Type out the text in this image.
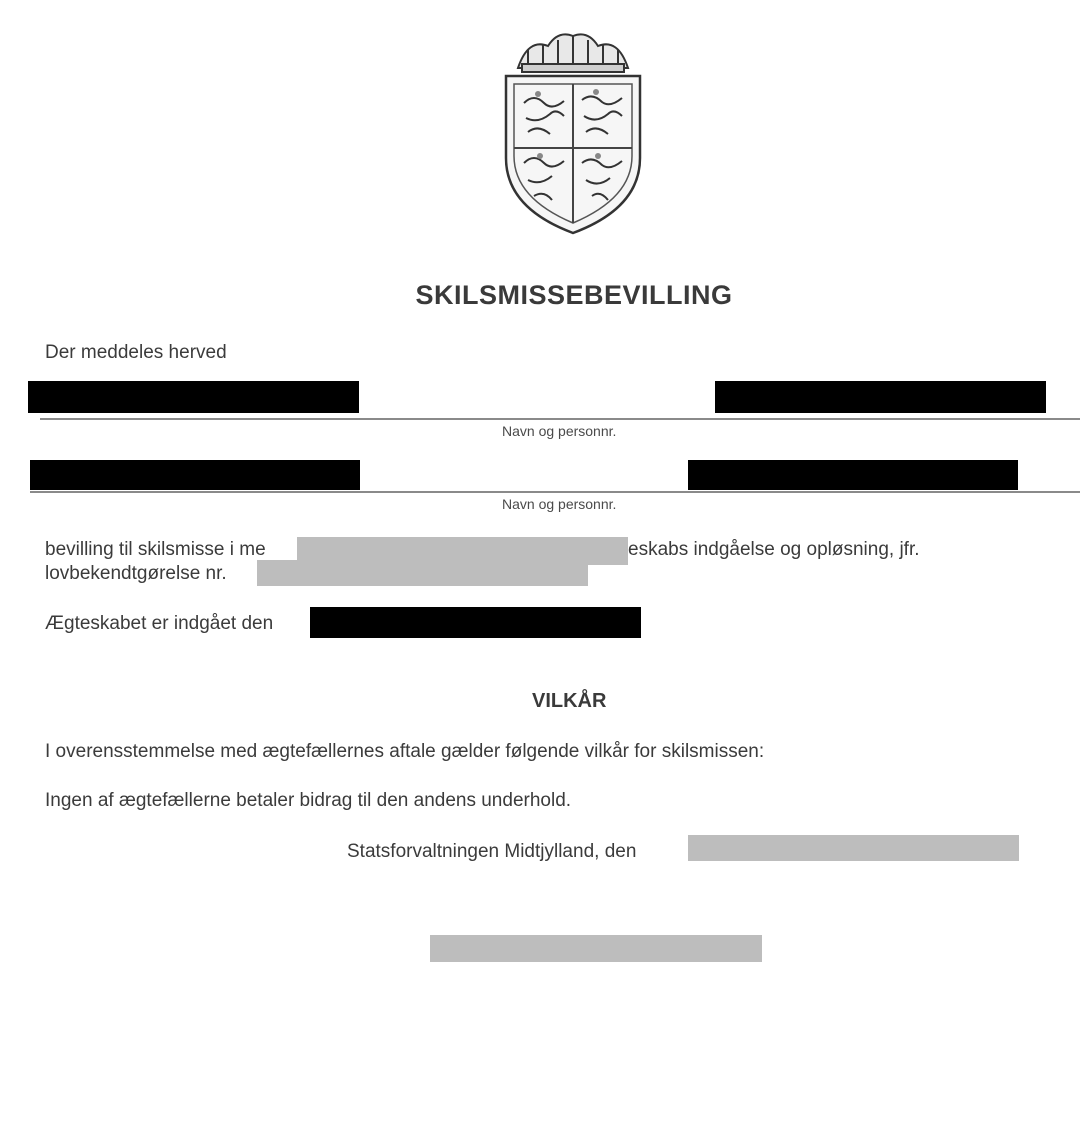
SKILSMISSEBEVILLING
Der meddeles herved
Navn og personnr.
Navn og personnr.
bevilling til skilsmisse i me	eskabs indgåelse og opløsning, jfr.
lovbekendtgørelse nr.
Ægteskabet er indgået den
VILKÅR
I overensstemmelse med ægtefællernes aftale gælder følgende vilkår for skilsmissen:
Ingen af ægtefællerne betaler bidrag til den andens underhold.
Statsforvaltningen Midtjylland, den
